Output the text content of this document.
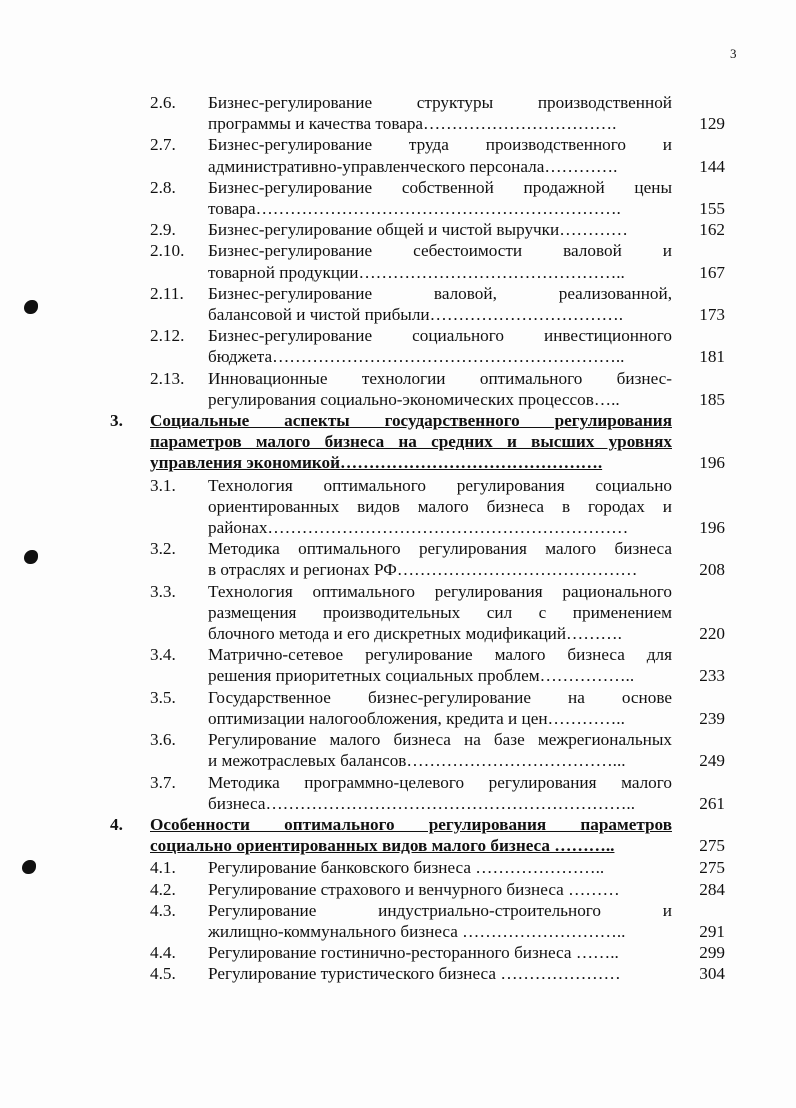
3
2.6. Бизнес-регулирование структуры производственной
программы и качества товара…………………………….	129
2.7. Бизнес-регулирование труда производственного и
административно-управленческого персонала………….	144
2.8. Бизнес-регулирование собственной продажной цены
товара……………………………………………………….	155
2.9. Бизнес-регулирование общей и чистой выручки…………	162
2.10. Бизнес-регулирование себестоимости валовой и
товарной продукции………………………………………..	167
2.11. Бизнес-регулирование валовой, реализованной,
балансовой и чистой прибыли…………………………….	173
2.12. Бизнес-регулирование социального инвестиционного
бюджета……………………………………………………..	181
2.13. Инновационные технологии оптимального бизнес-
регулирования социально-экономических процессов…..	185
3. Социальные аспекты государственного регулирования
параметров малого бизнеса на средних и высших уровнях
управления экономикой……………………………………….	196
3.1. Технология оптимального регулирования социально
ориентированных видов малого бизнеса в городах и
районах………………………………………………………	196
3.2. Методика оптимального регулирования малого бизнеса
в отраслях и регионах РФ……………………………………	208
3.3. Технология оптимального регулирования рационального
размещения производительных сил с применением
блочного метода и его дискретных модификаций……….	220
3.4. Матрично-сетевое регулирование малого бизнеса для
решения приоритетных социальных проблем……………..	233
3.5. Государственное бизнес-регулирование на основе
оптимизации налогообложения, кредита и цен…………..	239
3.6. Регулирование малого бизнеса на базе межрегиональных
и межотраслевых балансов………………………………...	249
3.7. Методика программно-целевого регулирования малого
бизнеса………………………………………………………..	261
4. Особенности оптимального регулирования параметров
социально ориентированных видов малого бизнеса ………..	275
4.1. Регулирование банковского бизнеса …………………..	275
4.2. Регулирование страхового и венчурного бизнеса ………	284
4.3. Регулирование индустриально-строительного и
жилищно-коммунального бизнеса ………………………..	291
4.4. Регулирование гостинично-ресторанного бизнеса ……..	299
4.5. Регулирование туристического бизнеса …………………	304
